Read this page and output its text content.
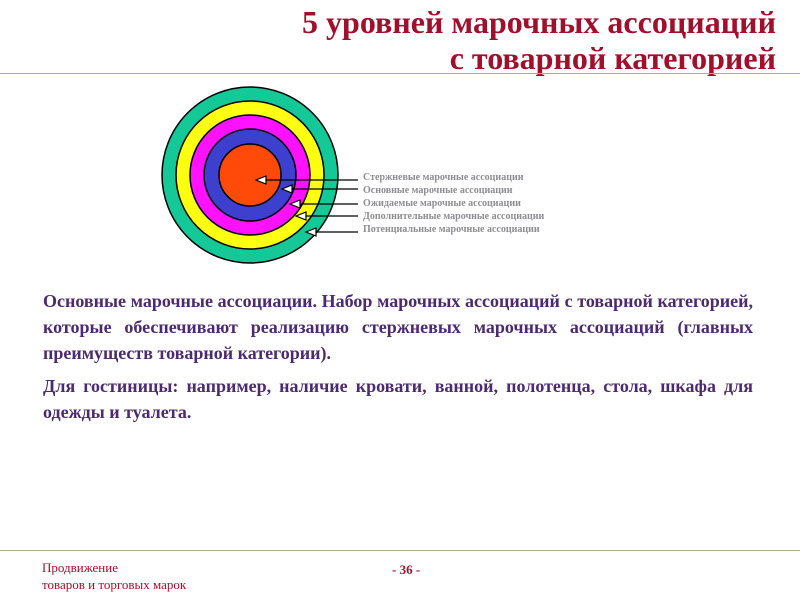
5 уровней марочных ассоциаций
с товарной категорией
Стержневые марочные ассоциации
Основные марочные ассоциации
Ожидаемые марочные ассоциации
Дополнительные марочные ассоциации
Потенциальные марочные ассоциации

Основные марочные ассоциации. Набор марочных ассоциаций с товарной категорией, которые обеспечивают реализацию стержневых марочных ассоциаций (главных преимуществ товарной категории).

Для гостиницы: например, наличие кровати, ванной, полотенца, стола, шкафа для одежды и туалета.

Продвижение
товаров и торговых марок
- 36 -
